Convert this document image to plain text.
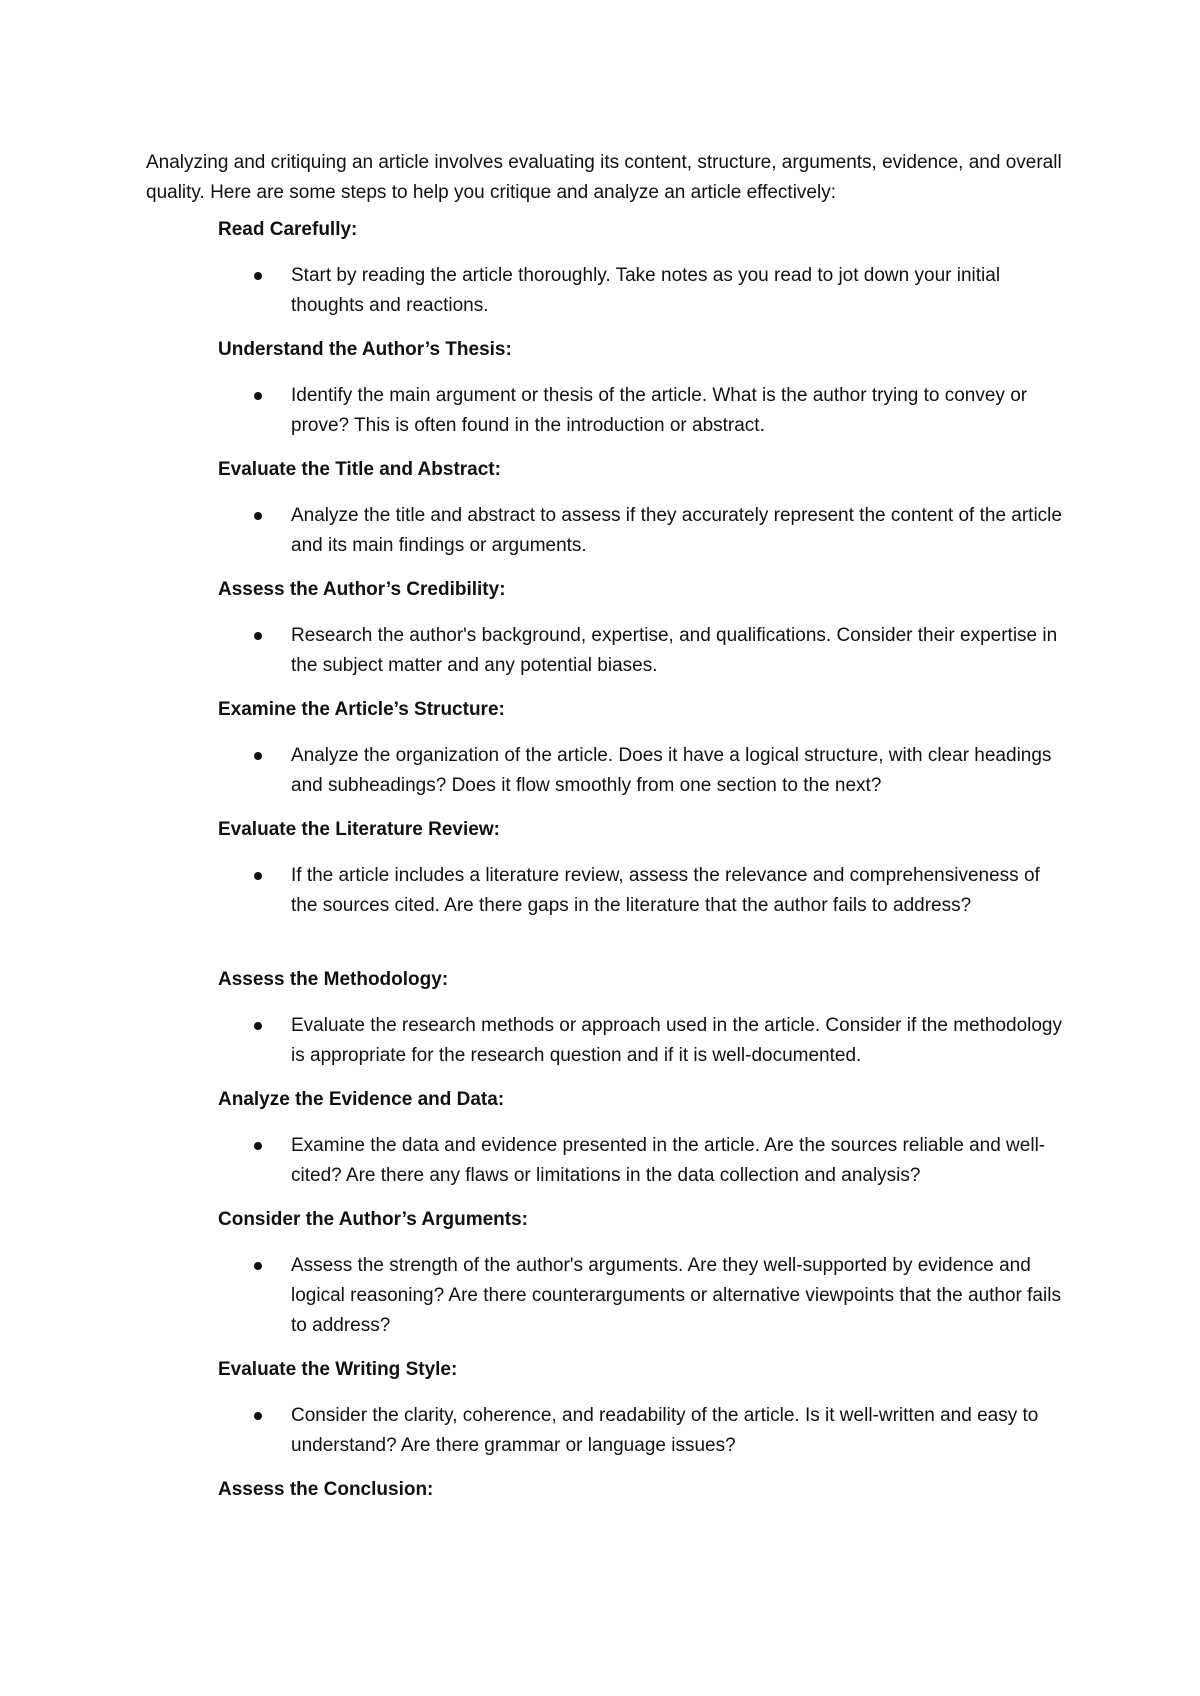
Analyzing and critiquing an article involves evaluating its content, structure, arguments, evidence, and overall quality. Here are some steps to help you critique and analyze an article effectively:

Read Carefully:

Start by reading the article thoroughly. Take notes as you read to jot down your initial thoughts and reactions.

Understand the Author’s Thesis:

Identify the main argument or thesis of the article. What is the author trying to convey or prove? This is often found in the introduction or abstract.

Evaluate the Title and Abstract:

Analyze the title and abstract to assess if they accurately represent the content of the article and its main findings or arguments.

Assess the Author’s Credibility:

Research the author's background, expertise, and qualifications. Consider their expertise in the subject matter and any potential biases.

Examine the Article’s Structure:

Analyze the organization of the article. Does it have a logical structure, with clear headings and subheadings? Does it flow smoothly from one section to the next?

Evaluate the Literature Review:

If the article includes a literature review, assess the relevance and comprehensiveness of the sources cited. Are there gaps in the literature that the author fails to address?

Assess the Methodology:

Evaluate the research methods or approach used in the article. Consider if the methodology is appropriate for the research question and if it is well-documented.

Analyze the Evidence and Data:

Examine the data and evidence presented in the article. Are the sources reliable and well-cited? Are there any flaws or limitations in the data collection and analysis?

Consider the Author’s Arguments:

Assess the strength of the author's arguments. Are they well-supported by evidence and logical reasoning? Are there counterarguments or alternative viewpoints that the author fails to address?

Evaluate the Writing Style:

Consider the clarity, coherence, and readability of the article. Is it well-written and easy to understand? Are there grammar or language issues?

Assess the Conclusion:
